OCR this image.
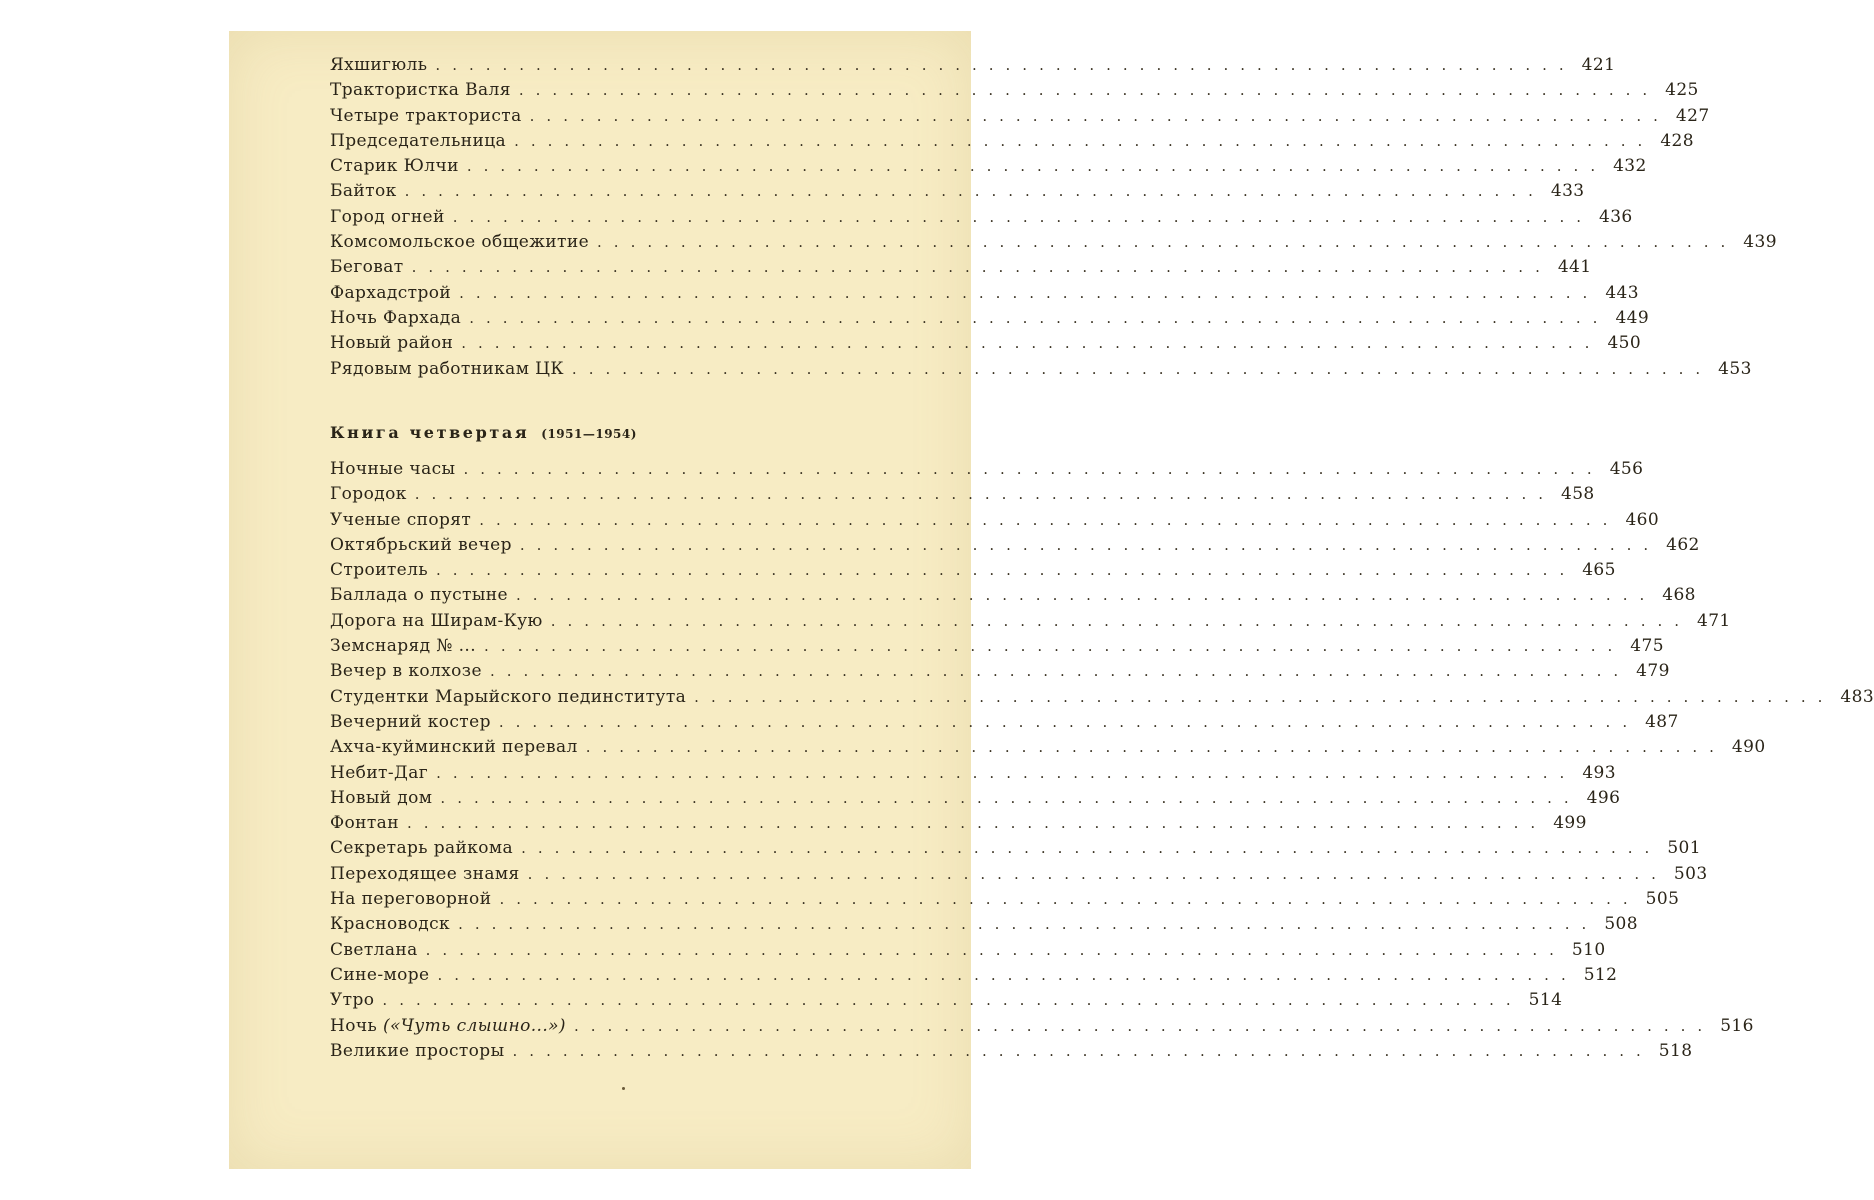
Яхшигюль .................................................................... 421
Трактористка Валя .................................................................... 425
Четыре тракториста .................................................................... 427
Председательница .................................................................... 428
Старик Юлчи .................................................................... 432
Байток .................................................................... 433
Город огней .................................................................... 436
Комсомольское общежитие .................................................................... 439
Беговат .................................................................... 441
Фархадстрой .................................................................... 443
Ночь Фархада .................................................................... 449
Новый район .................................................................... 450
Рядовым работникам ЦК .................................................................... 453
Книга четвертая (1951—1954)
Ночные часы .................................................................... 456
Городок .................................................................... 458
Ученые спорят .................................................................... 460
Октябрьский вечер .................................................................... 462
Строитель .................................................................... 465
Баллада о пустыне .................................................................... 468
Дорога на Ширам-Кую .................................................................... 471
Земснаряд № ... .................................................................... 475
Вечер в колхозе .................................................................... 479
Студентки Марыйского пединститута .................................................................... 483
Вечерний костер .................................................................... 487
Ахча-куйминский перевал .................................................................... 490
Небит-Даг .................................................................... 493
Новый дом .................................................................... 496
Фонтан .................................................................... 499
Секретарь райкома .................................................................... 501
Переходящее знамя .................................................................... 503
На переговорной .................................................................... 505
Красноводск .................................................................... 508
Светлана .................................................................... 510
Сине-море .................................................................... 512
Утро .................................................................... 514
Ночь («Чуть слышно...») .................................................................... 516
Великие просторы .................................................................... 518
